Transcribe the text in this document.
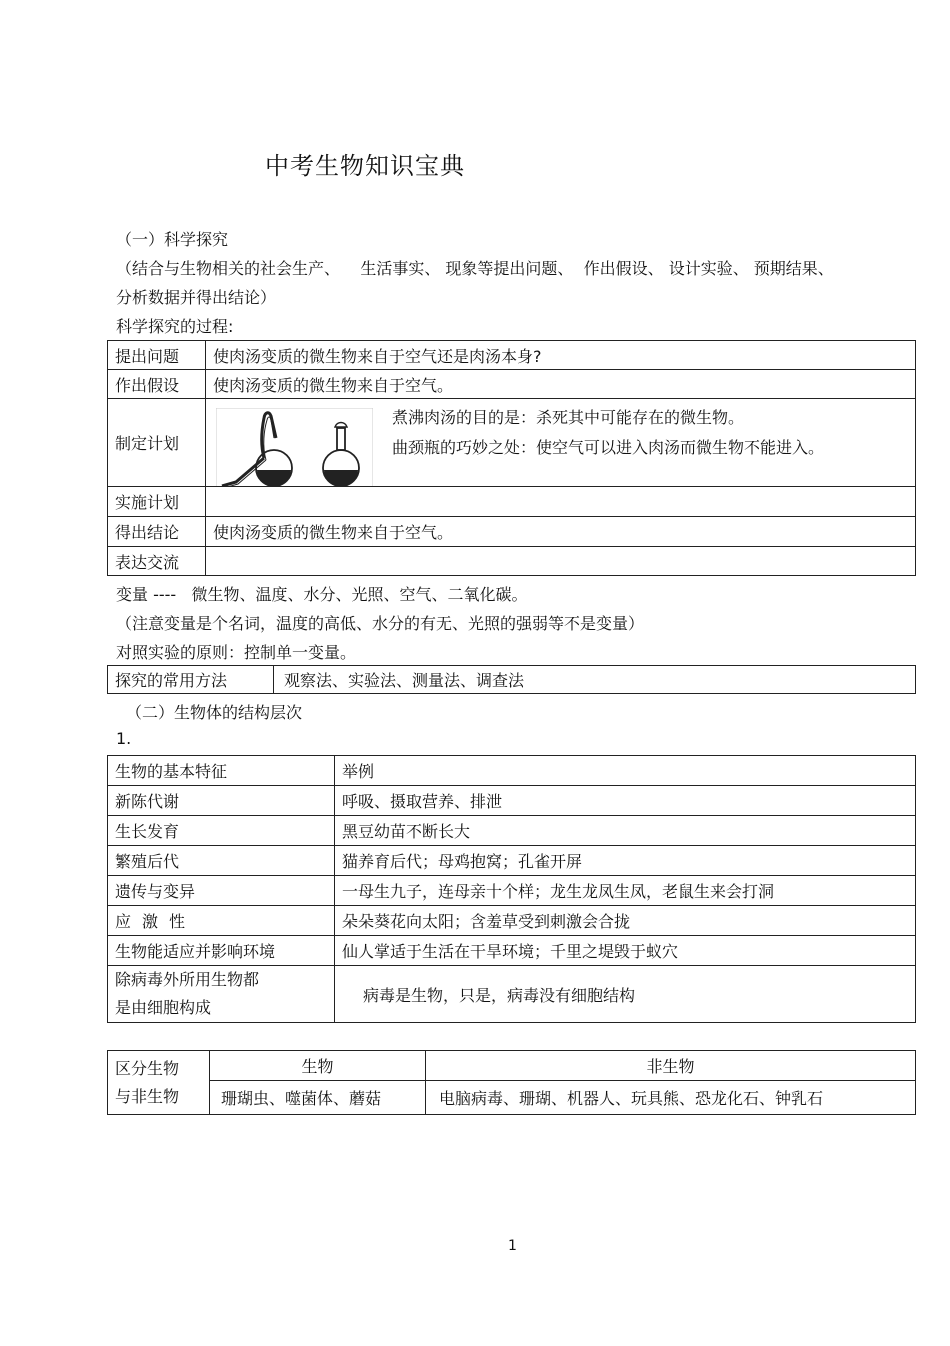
中考生物知识宝典
（一）科学探究
（结合与生物相关的社会生产、    生活事实、 现象等提出问题、  作出假设、 设计实验、 预期结果、
分析数据并得出结论）
科学探究的过程:
提出问题	使肉汤变质的微生物来自于空气还是肉汤本身?
作出假设	使肉汤变质的微生物来自于空气。
制定计划	煮沸肉汤的目的是：杀死其中可能存在的微生物。
曲颈瓶的巧妙之处：使空气可以进入肉汤而微生物不能进入。

实施计划	
得出结论	使肉汤变质的微生物来自于空气。
表达交流	
变量 ----   微生物、温度、水分、光照、空气、二氧化碳。
（注意变量是个名词，温度的高低、水分的有无、光照的强弱等不是变量）
对照实验的原则：控制单一变量。
探究的常用方法	观察法、实验法、测量法、调查法
（二）生物体的结构层次
1.
生物的基本特征	举例
新陈代谢	呼吸、摄取营养、排泄
生长发育	黑豆幼苗不断长大
繁殖后代	猫养育后代；母鸡抱窝；孔雀开屏
遗传与变异	一母生九子，连母亲十个样；龙生龙凤生凤，老鼠生来会打洞
应激性	朵朵葵花向太阳；含羞草受到刺激会合拢
生物能适应并影响环境	仙人掌适于生活在干旱环境；千里之堤毁于蚁穴

除病毒外所用生物都
是由细胞构成	病毒是生物，只是，病毒没有细胞结构
区分生物
与非生物	生物	非生物
	珊瑚虫、噬菌体、蘑菇	电脑病毒、珊瑚、机器人、玩具熊、恐龙化石、钟乳石
1
